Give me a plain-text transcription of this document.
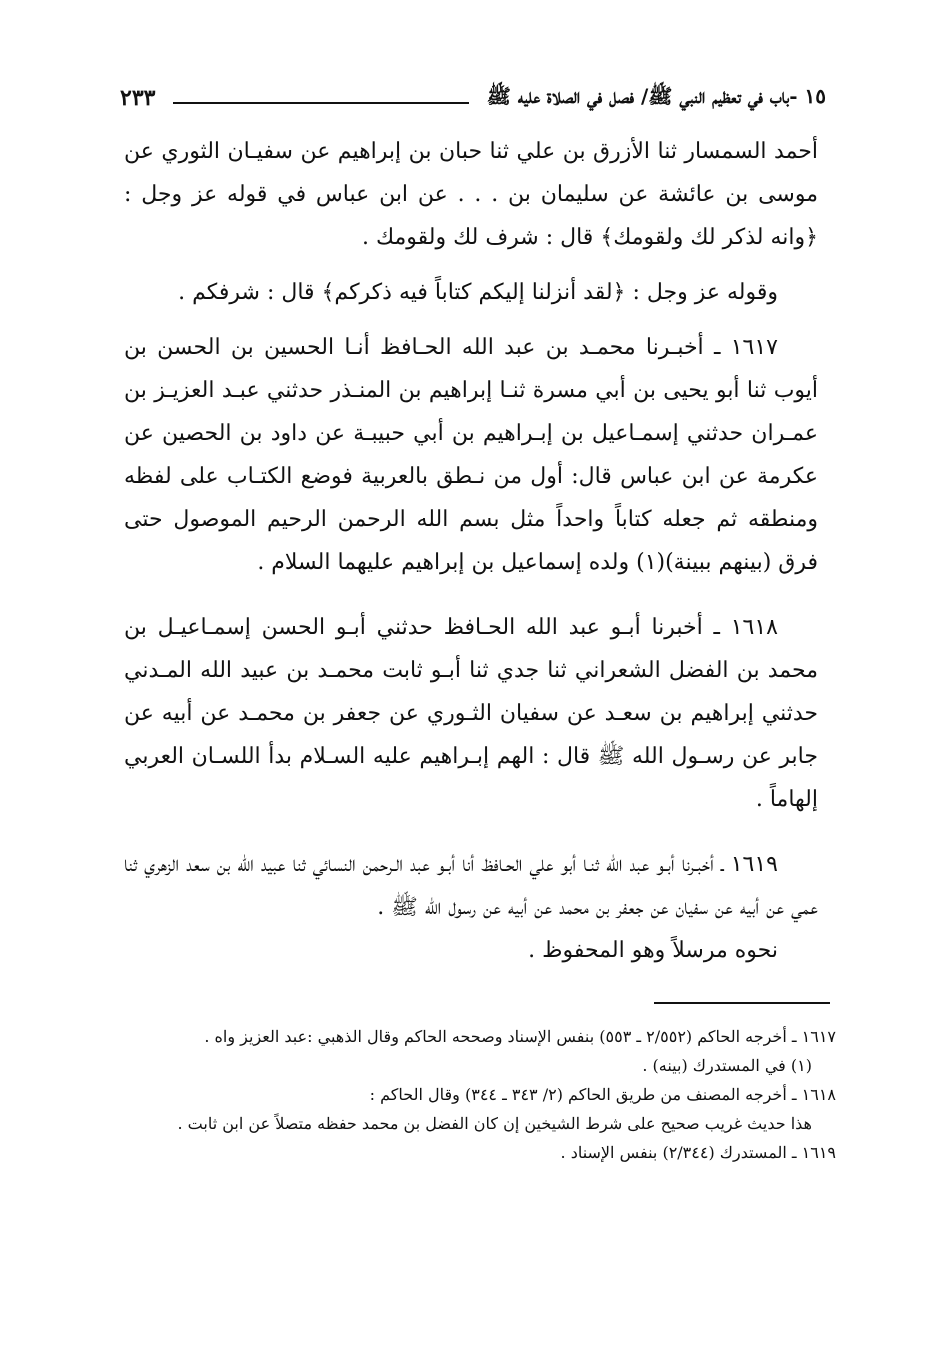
١٥ -باب في تعظيم النبي ﷺ/ فصل في الصلاة عليه ﷺ
٢٣٣

أحمد السمسار ثنا الأزرق بن علي ثنا حبان بن إبراهيم عن سفيـان الثوري عن موسى بن عائشة عن سليمان بن . . . عن ابن عباس في قوله عز وجل : ﴿وانه لذكر لك ولقومك﴾ قال : شرف لك ولقومك .

وقوله عز وجل : ﴿لقد أنزلنا إليكم كتاباً فيه ذكركم﴾ قال : شرفكم .

١٦١٧ ـ أخبـرنا محمـد بن عبد الله الحـافظ أنـا الحسين بن الحسن بن أيوب ثنا أبو يحيى بن أبي مسرة ثنـا إبراهيم بن المنـذر حدثني عبـد العزيـز بن عمـران حدثني إسمـاعيل بن إبـراهيم بن أبي حبيبـة عن داود بن الحصين عن عكرمة عن ابن عباس قال: أول من نـطق بالعربية فوضع الكتـاب على لفظه ومنطقه ثم جعله كتاباً واحداً مثل بسم الله الرحمن الرحيم الموصول حتى فرق (بينهم ببينة)(١) ولده إسماعيل بن إبراهيم عليهما السلام .

١٦١٨ ـ أخبرنا أبـو عبد الله الحـافظ حدثني أبـو الحسن إسمـاعيـل بن محمد بن الفضل الشعراني ثنا جدي ثنا أبـو ثابت محمـد بن عبيد الله المـدني حدثني إبراهيم بن سعـد عن سفيان الثـوري عن جعفر بن محمـد عن أبيه عن جابر عن رسـول الله ﷺ قال : الهم إبـراهيم عليه السـلام بدأ اللسـان العربي إلهاماً .

١٦١٩ ـ أخبـرنا أبـو عبد الله ثنـا أبو علي الحـافظ أنا أبـو عبد الـرحمن النسائي ثنا عبيد الله بن سعد الزهري ثنا عمي عن أبيه عن سفيان عن جعفر بن محمد عن أبيه عن رسول الله ﷺ .

نحوه مرسلاً وهو المحفوظ .

١٦١٧ ـ أخرجه الحاكم (٢/٥٥٢ ـ ٥٥٣) بنفس الإسناد وصححه الحاكم وقال الذهبي :عبد العزيز واه .

(١) في المستدرك (بينه) .

١٦١٨ ـ أخرجه المصنف من طريق الحاكم (٢/ ٣٤٣ ـ ٣٤٤) وقال الحاكم :

هذا حديث غريب صحيح على شرط الشيخين إن كان الفضل بن محمد حفظه متصلاً عن ابن ثابت .

١٦١٩ ـ المستدرك (٢/٣٤٤) بنفس الإسناد .
